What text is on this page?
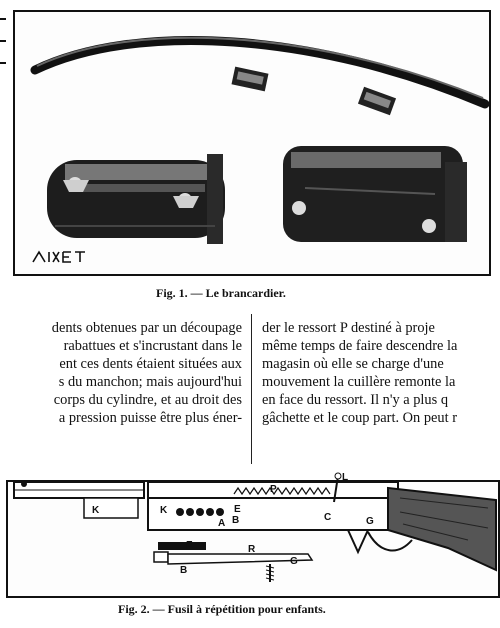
Fig. 1. — Le brancardier.
dents obtenues par un découpage
rabattues et s'incrustant dans le
ent ces dents étaient situées aux
s du manchon; mais aujourd'hui
corps du cylindre, et au droit des
a pression puisse être plus éner-
der le ressort P destiné à proje
même temps de faire descendre la
magasin où elle se charge d'une
mouvement la cuillère remonte la
en face du ressort. Il n'y a plus q
gâchette et le coup part. On peut r
K	K
P
L
A B
E
C	G
E
B
R
G
Fig. 2. — Fusil à répétition pour enfants.
